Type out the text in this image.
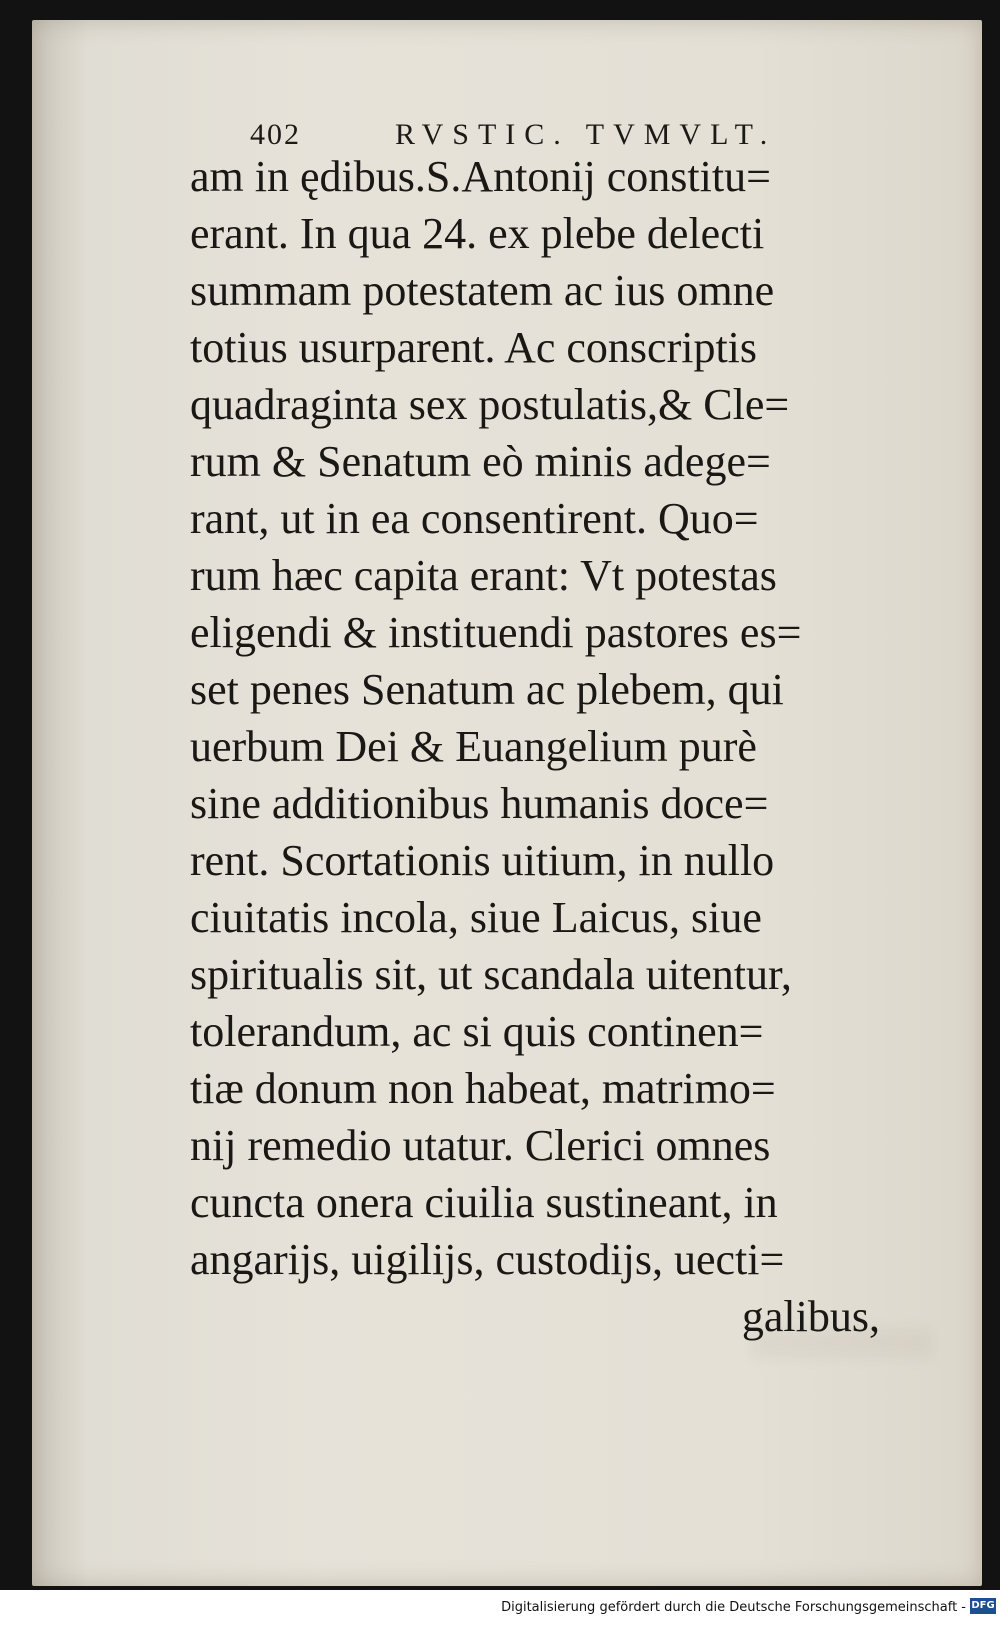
402	RVSTIC. TVMVLT.
am in ędibus.S.Antonij constitu=
erant. In qua 24. ex plebe delecti
summam potestatem ac ius omne
totius usurparent. Ac conscriptis
quadraginta sex postulatis,& Cle=
rum & Senatum eò minis adege=
rant, ut in ea consentirent. Quo=
rum hæc capita erant: Vt potestas
eligendi & instituendi pastores es=
set penes Senatum ac plebem, qui
uerbum Dei & Euangelium purè
sine additionibus humanis doce=
rent. Scortationis uitium, in nullo
ciuitatis incola, siue Laicus, siue
spiritualis sit, ut scandala uitentur,
tolerandum, ac si quis continen=
tiæ donum non habeat, matrimo=
nij remedio utatur. Clerici omnes
cuncta onera ciuilia sustineant, in
angarijs, uigilijs, custodijs, uecti=
galibus,
Digitalisierung gefördert durch die Deutsche Forschungsgemeinschaft - DFG
